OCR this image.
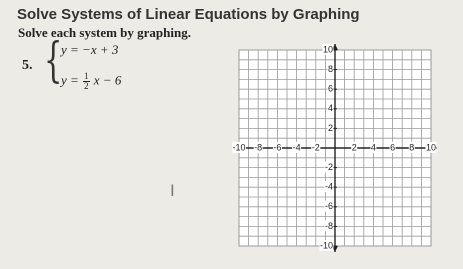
Solve Systems of Linear Equations by Graphing
Solve each system by graphing.
5. {
y = −x + 3
$y = \frac{1}{2}$ x − 6
I
-10 -8 -6 -4 -2	2 4 6 8 10
10
8
6
4
2
-2
-4
-6
-8
-10
